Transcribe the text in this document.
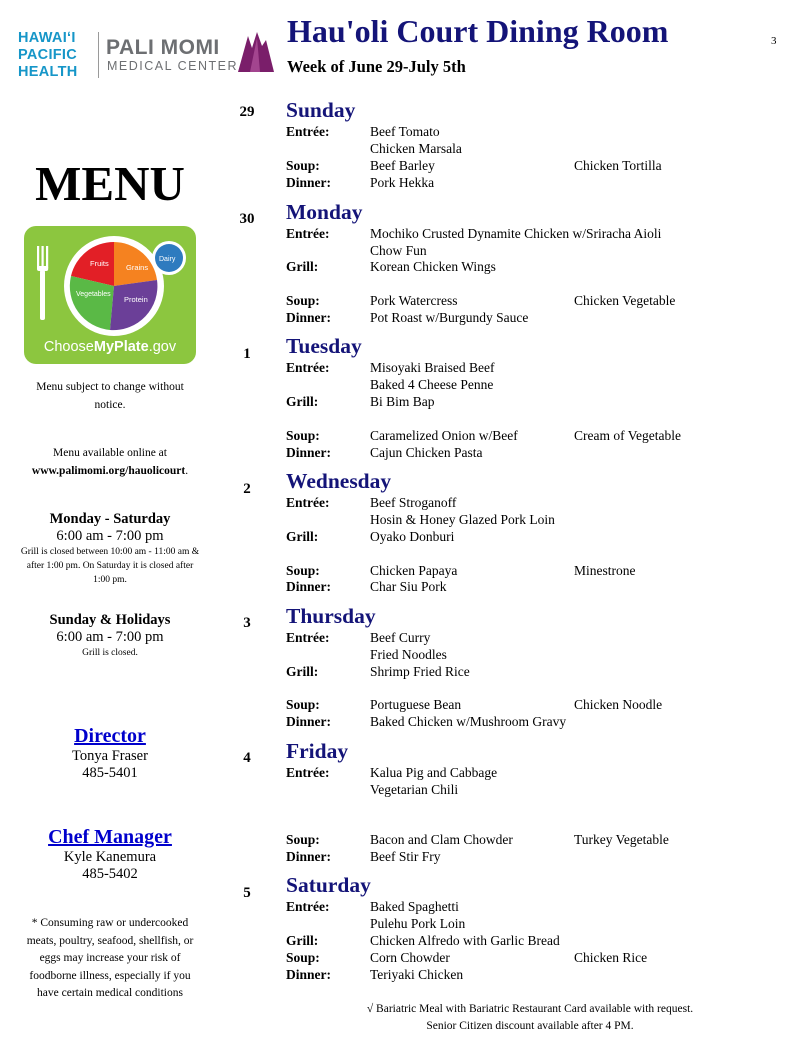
HAWAIʻI
PACIFIC
HEALTH
PALI MOMI
MEDICAL CENTER
Hau'oli Court Dining Room
Week of June 29-July 5th
3
MENU
Fruits Grains
Vegetables
Protein
Dairy
ChooseMyPlate.gov
Menu subject to change without
notice.
Menu available online at
www.palimomi.org/hauolicourt.
Monday - Saturday
6:00 am - 7:00 pm
Grill is closed between 10:00 am - 11:00 am &
after 1:00 pm. On Saturday it is closed after
1:00 pm.
Sunday & Holidays
6:00 am - 7:00 pm
Grill is closed.
Director
Tonya Fraser
485-5401
Chef Manager
Kyle Kanemura
485-5402
* Consuming raw or undercooked
meats, poultry, seafood, shellfish, or
eggs may increase your risk of
foodborne illness, especially if you
have certain medical conditions
29	Sunday
Entrée:	Beef Tomato
Chicken Marsala
Soup:	Beef Barley	Chicken Tortilla
Dinner:	Pork Hekka
30	Monday
Entrée:	Mochiko Crusted Dynamite Chicken w/Sriracha Aioli
Chow Fun
Grill:	Korean Chicken Wings
Soup:	Pork Watercress	Chicken Vegetable
Dinner:	Pot Roast w/Burgundy Sauce
1	Tuesday
Entrée:	Misoyaki Braised Beef
Baked 4 Cheese Penne
Grill:	Bi Bim Bap
Soup:	Caramelized Onion w/Beef	Cream of Vegetable
Dinner:	Cajun Chicken Pasta
2	Wednesday
Entrée:	Beef Stroganoff
Hosin & Honey Glazed Pork Loin
Grill:	Oyako Donburi
Soup:	Chicken Papaya	Minestrone
Dinner:	Char Siu Pork
3	Thursday
Entrée:	Beef Curry
Fried Noodles
Grill:	Shrimp Fried Rice
Soup:	Portuguese Bean	Chicken Noodle
Dinner:	Baked Chicken w/Mushroom Gravy
4	Friday
Entrée:	Kalua Pig and Cabbage
Vegetarian Chili
Soup:	Bacon and Clam Chowder	Turkey Vegetable
Dinner:	Beef Stir Fry
5	Saturday
Entrée:	Baked Spaghetti
Pulehu Pork Loin
Grill:	Chicken Alfredo with Garlic Bread
Soup:	Corn Chowder	Chicken Rice
Dinner:	Teriyaki Chicken
√ Bariatric Meal with Bariatric Restaurant Card available with request.
Senior Citizen discount available after 4 PM.
